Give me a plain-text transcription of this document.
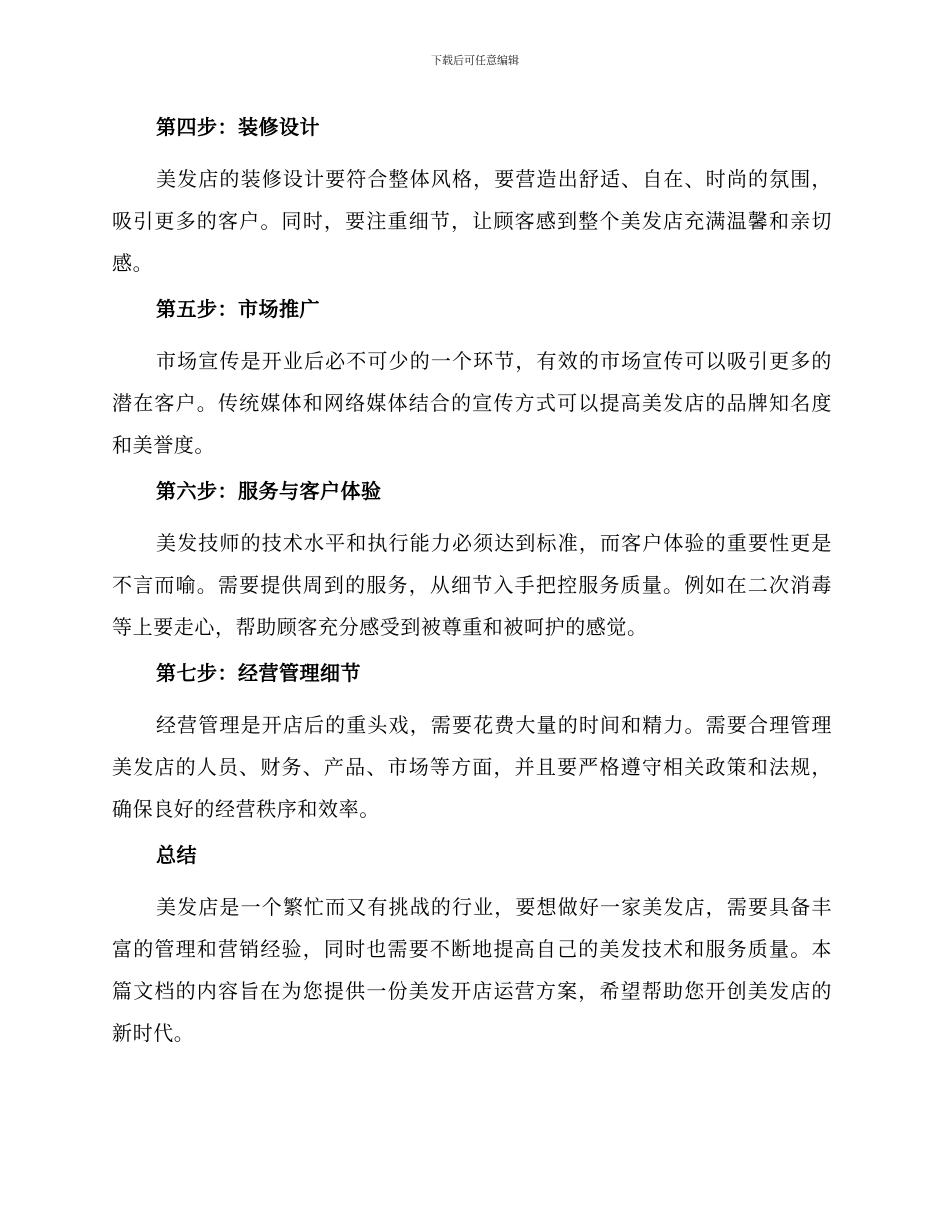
下载后可任意编辑
第四步：装修设计

美发店的装修设计要符合整体风格，要营造出舒适、自在、时尚的氛围，吸引更多的客户。同时，要注重细节，让顾客感到整个美发店充满温馨和亲切感。

第五步：市场推广

市场宣传是开业后必不可少的一个环节，有效的市场宣传可以吸引更多的潜在客户。传统媒体和网络媒体结合的宣传方式可以提高美发店的品牌知名度和美誉度。

第六步：服务与客户体验

美发技师的技术水平和执行能力必须达到标准，而客户体验的重要性更是不言而喻。需要提供周到的服务，从细节入手把控服务质量。例如在二次消毒等上要走心，帮助顾客充分感受到被尊重和被呵护的感觉。

第七步：经营管理细节

经营管理是开店后的重头戏，需要花费大量的时间和精力。需要合理管理美发店的人员、财务、产品、市场等方面，并且要严格遵守相关政策和法规，确保良好的经营秩序和效率。

总结

美发店是一个繁忙而又有挑战的行业，要想做好一家美发店，需要具备丰富的管理和营销经验，同时也需要不断地提高自己的美发技术和服务质量。本篇文档的内容旨在为您提供一份美发开店运营方案，希望帮助您开创美发店的新时代。
